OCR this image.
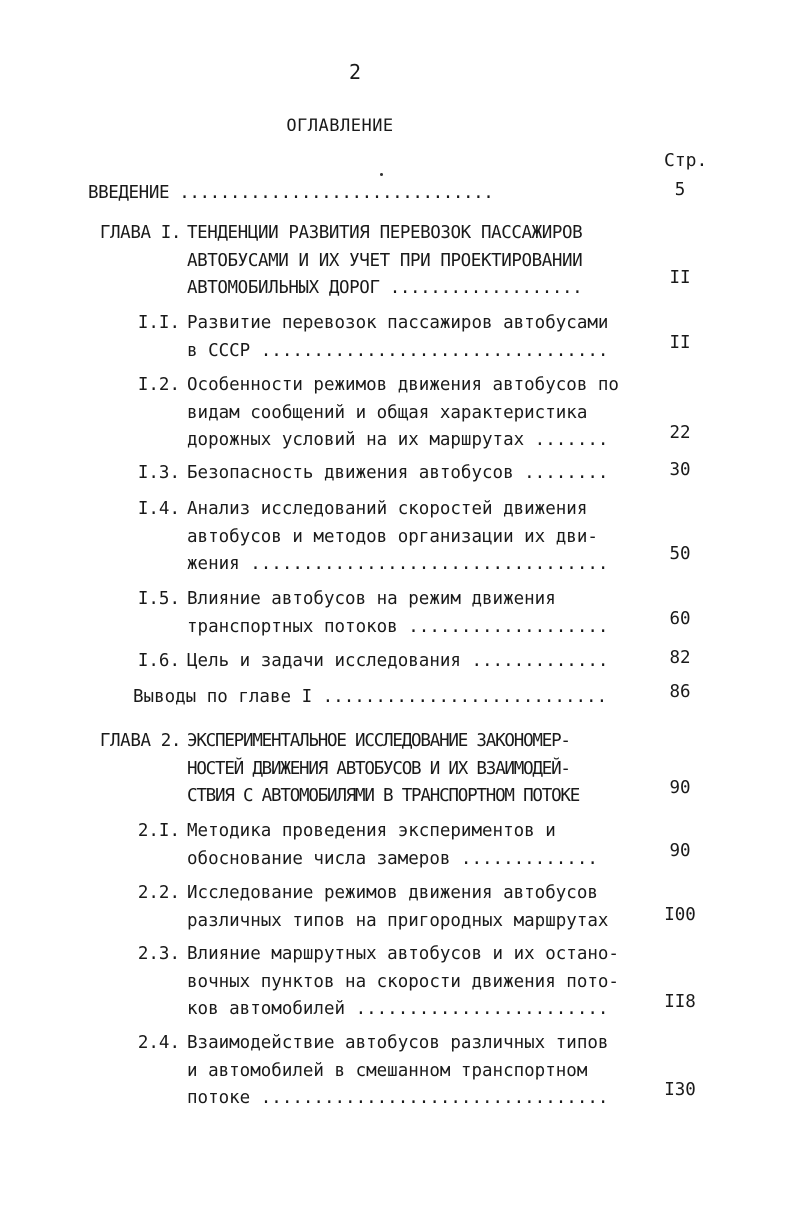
2
ОГЛАВЛЕНИЕ
Стр.
ВВЕДЕНИЕ ...............................	5
ГЛАВА I. ТЕНДЕНЦИИ РАЗВИТИЯ ПЕРЕВОЗОК ПАССАЖИРОВ
АВТОБУСАМИ И ИХ УЧЕТ ПРИ ПРОЕКТИРОВАНИИ
АВТОМОБИЛЬНЫХ ДОРОГ ...................	II
I.I. Развитие перевозок пассажиров автобусами
в СССР .................................	II
I.2. Особенности режимов движения автобусов по
видам сообщений и общая характеристика
дорожных условий на их маршрутах .......	22
I.3. Безопасность движения автобусов ........	30
I.4. Анализ исследований скоростей движения
автобусов и методов организации их дви-
жения ..................................	50
I.5. Влияние автобусов на режим движения
транспортных потоков ...................	60
I.6. Цель и задачи исследования .............	82
Выводы по главе I ...........................	86
ГЛАВА 2. ЭКСПЕРИМЕНТАЛЬНОЕ ИССЛЕДОВАНИЕ ЗАКОНОМЕР-
НОСТЕЙ ДВИЖЕНИЯ АВТОБУСОВ И ИХ ВЗАИМОДЕЙ-
СТВИЯ С АВТОМОБИЛЯМИ В ТРАНСПОРТНОМ ПОТОКЕ	90
2.I. Методика проведения экспериментов и
обоснование числа замеров .............	90
2.2. Исследование режимов движения автобусов
различных типов на пригородных маршрутах	I00
2.3. Влияние маршрутных автобусов и их остано-
вочных пунктов на скорости движения пото-
ков автомобилей ........................	II8
2.4. Взаимодействие автобусов различных типов
и автомобилей в смешанном транспортном
потоке .................................	I30
